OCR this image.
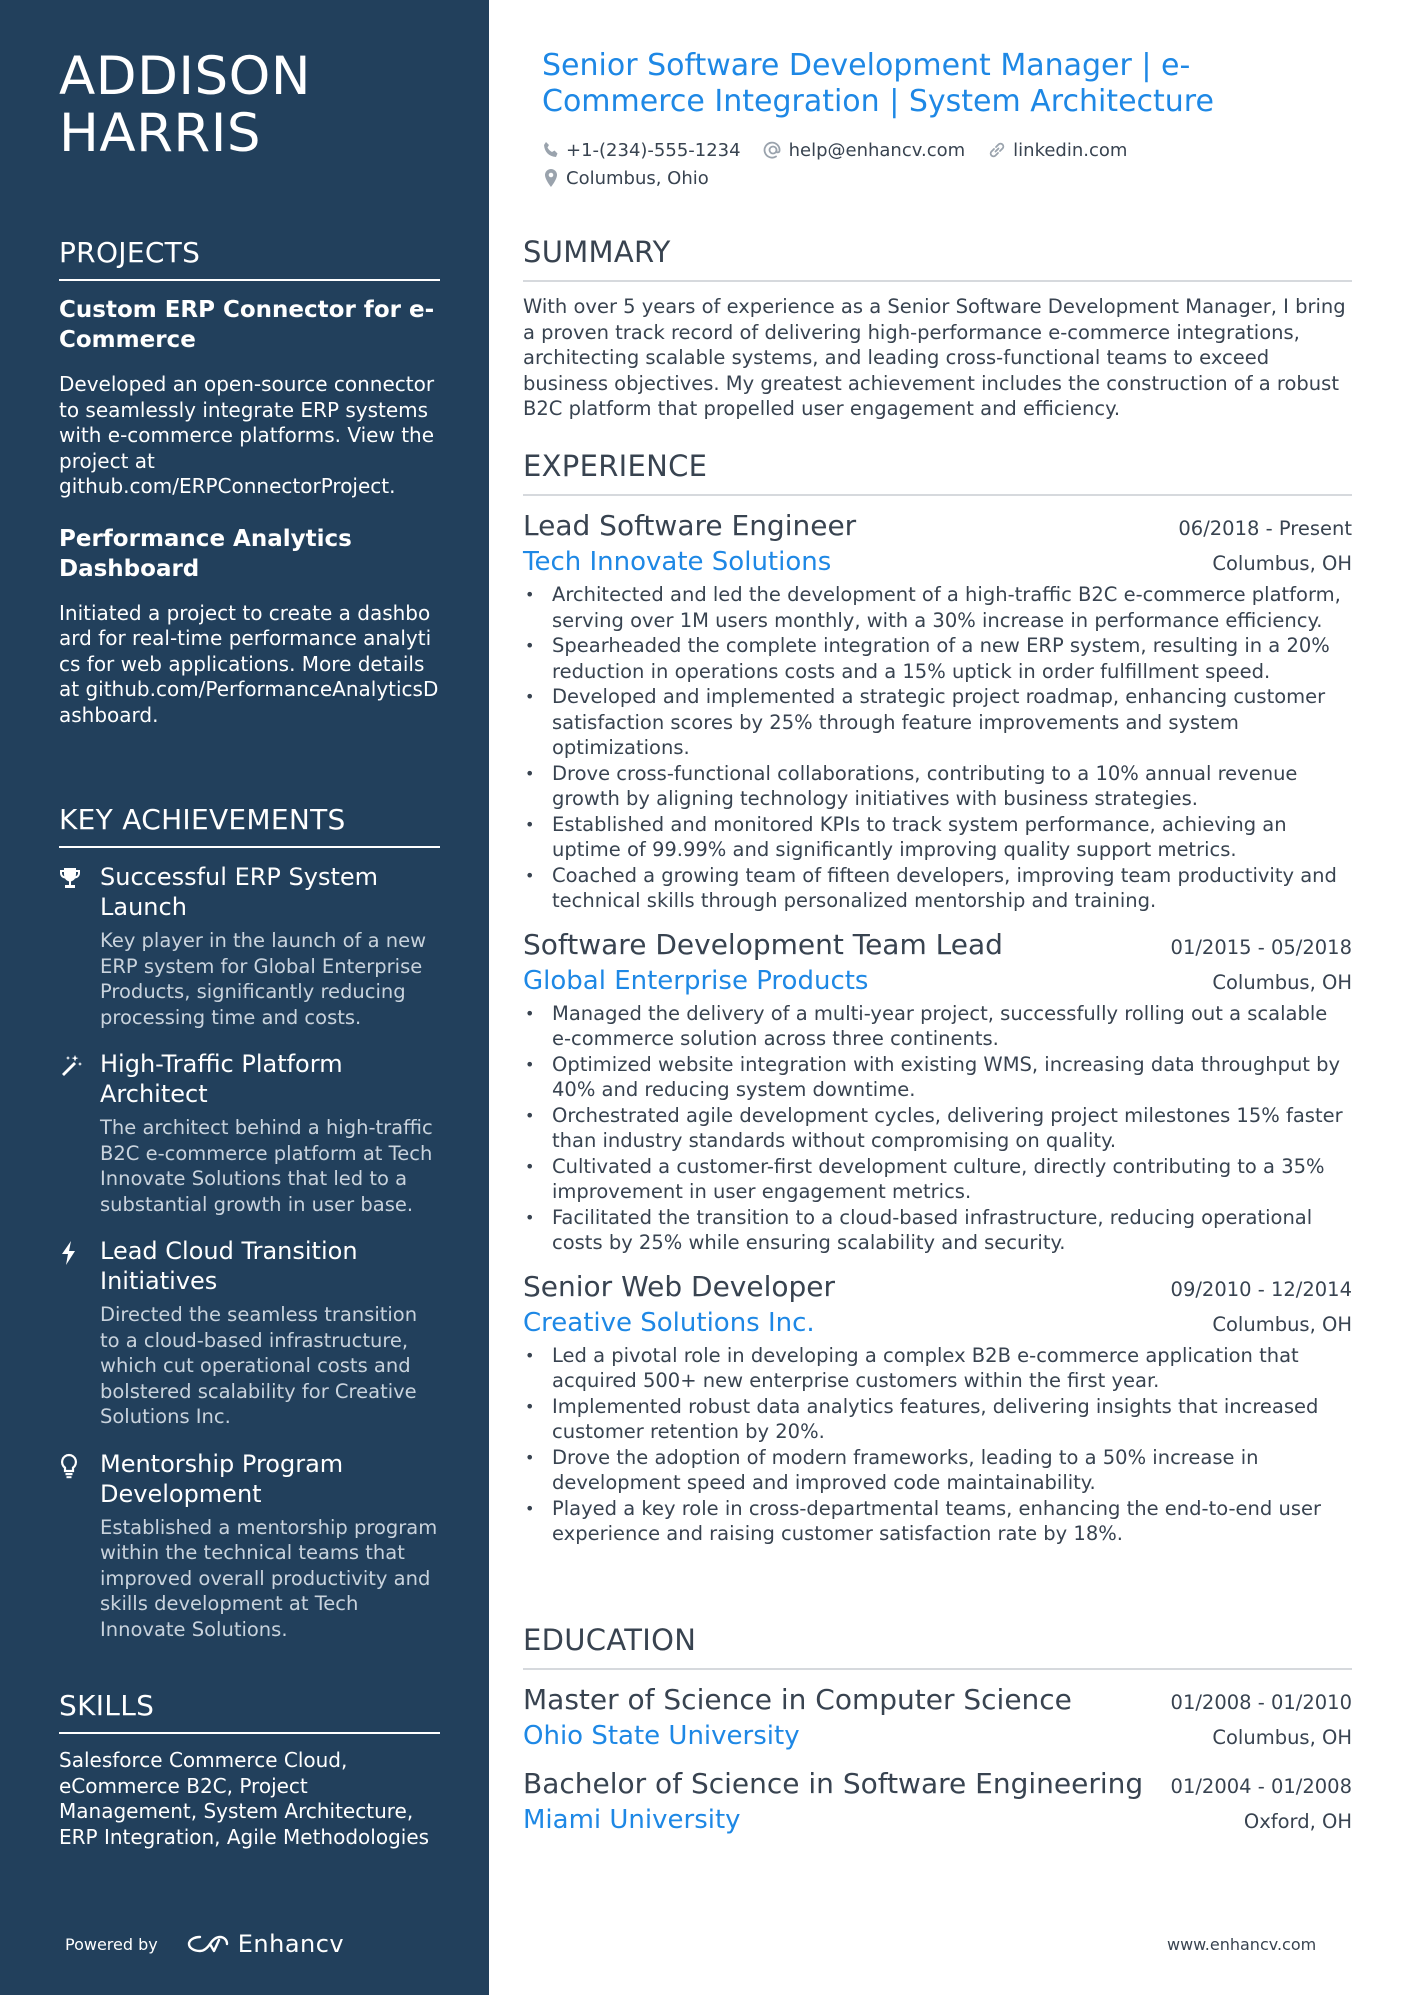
ADDISON HARRIS
PROJECTS
Custom ERP Connector for e-Commerce
Developed an open-source connector to seamlessly integrate ERP systems with e-commerce platforms. View the project at github.com/ERPConnectorProject.
Performance Analytics Dashboard
Initiated a project to create a dashboard for real-time performance analytics for web applications. More details at github.com/PerformanceAnalyticsDashboard.
KEY ACHIEVEMENTS
Successful ERP System Launch
Key player in the launch of a new ERP system for Global Enterprise Products, significantly reducing processing time and costs.
High-Traffic Platform Architect
The architect behind a high-traffic B2C e-commerce platform at Tech Innovate Solutions that led to a substantial growth in user base.
Lead Cloud Transition Initiatives
Directed the seamless transition to a cloud-based infrastructure, which cut operational costs and bolstered scalability for Creative Solutions Inc.
Mentorship Program Development
Established a mentorship program within the technical teams that improved overall productivity and skills development at Tech Innovate Solutions.
SKILLS
Salesforce Commerce Cloud, eCommerce B2C, Project Management, System Architecture, ERP Integration, Agile Methodologies
Powered by	Enhancv
Senior Software Development Manager | e-Commerce Integration | System Architecture
+1-(234)-555-1234	help@enhancv.com	linkedin.com
Columbus, Ohio
SUMMARY
With over 5 years of experience as a Senior Software Development Manager, I bring a proven track record of delivering high-performance e-commerce integrations, architecting scalable systems, and leading cross-functional teams to exceed business objectives. My greatest achievement includes the construction of a robust B2C platform that propelled user engagement and efficiency.
EXPERIENCE
Lead Software Engineer	06/2018 - Present
Tech Innovate Solutions	Columbus, OH
• Architected and led the development of a high-traffic B2C e-commerce platform, serving over 1M users monthly, with a 30% increase in performance efficiency.
• Spearheaded the complete integration of a new ERP system, resulting in a 20% reduction in operations costs and a 15% uptick in order fulfillment speed.
• Developed and implemented a strategic project roadmap, enhancing customer satisfaction scores by 25% through feature improvements and system optimizations.
• Drove cross-functional collaborations, contributing to a 10% annual revenue growth by aligning technology initiatives with business strategies.
• Established and monitored KPIs to track system performance, achieving an uptime of 99.99% and significantly improving quality support metrics.
• Coached a growing team of fifteen developers, improving team productivity and technical skills through personalized mentorship and training.
Software Development Team Lead	01/2015 - 05/2018
Global Enterprise Products	Columbus, OH
• Managed the delivery of a multi-year project, successfully rolling out a scalable e-commerce solution across three continents.
• Optimized website integration with existing WMS, increasing data throughput by 40% and reducing system downtime.
• Orchestrated agile development cycles, delivering project milestones 15% faster than industry standards without compromising on quality.
• Cultivated a customer-first development culture, directly contributing to a 35% improvement in user engagement metrics.
• Facilitated the transition to a cloud-based infrastructure, reducing operational costs by 25% while ensuring scalability and security.
Senior Web Developer	09/2010 - 12/2014
Creative Solutions Inc.	Columbus, OH
• Led a pivotal role in developing a complex B2B e-commerce application that acquired 500+ new enterprise customers within the first year.
• Implemented robust data analytics features, delivering insights that increased customer retention by 20%.
• Drove the adoption of modern frameworks, leading to a 50% increase in development speed and improved code maintainability.
• Played a key role in cross-departmental teams, enhancing the end-to-end user experience and raising customer satisfaction rate by 18%.
EDUCATION
Master of Science in Computer Science	01/2008 - 01/2010
Ohio State University	Columbus, OH
Bachelor of Science in Software Engineering 01/2004 - 01/2008
Miami University	Oxford, OH
www.enhancv.com
